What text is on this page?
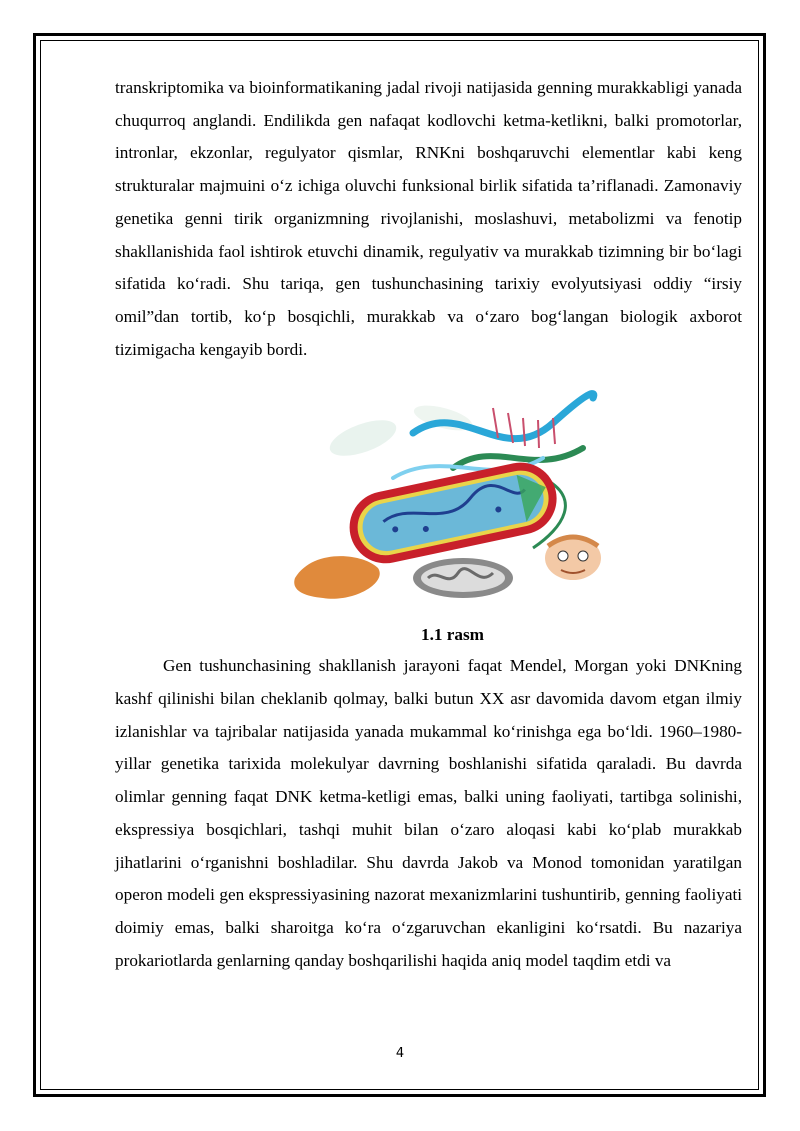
transkriptomika va bioinformatikaning jadal rivoji natijasida genning murakkabligi yanada chuqurroq anglandi. Endilikda gen nafaqat kodlovchi ketma-ketlikni, balki promotorlar, intronlar, ekzonlar, regulyator qismlar, RNKni boshqaruvchi elementlar kabi keng strukturalar majmuini o‘z ichiga oluvchi funksional birlik sifatida ta’riflanadi. Zamonaviy genetika genni tirik organizmning rivojlanishi, moslashuvi, metabolizmi va fenotip shakllanishida faol ishtirok etuvchi dinamik, regulyativ va murakkab tizimning bir bo‘lagi sifatida ko‘radi. Shu tariqa, gen tushunchasining tarixiy evolyutsiyasi oddiy “irsiy omil”dan tortib, ko‘p bosqichli, murakkab va o‘zaro bog‘langan biologik axborot tizimigacha kengayib bordi.

1.1 rasm

Gen tushunchasining shakllanish jarayoni faqat Mendel, Morgan yoki DNKning kashf qilinishi bilan cheklanib qolmay, balki butun XX asr davomida davom etgan ilmiy izlanishlar va tajribalar natijasida yanada mukammal ko‘rinishga ega bo‘ldi. 1960–1980-yillar genetika tarixida molekulyar davrning boshlanishi sifatida qaraladi. Bu davrda olimlar genning faqat DNK ketma-ketligi emas, balki uning faoliyati, tartibga solinishi, ekspressiya bosqichlari, tashqi muhit bilan o‘zaro aloqasi kabi ko‘plab murakkab jihatlarini o‘rganishni boshladilar. Shu davrda Jakob va Monod tomonidan yaratilgan operon modeli gen ekspressiyasining nazorat mexanizmlarini tushuntirib, genning faoliyati doimiy emas, balki sharoitga ko‘ra o‘zgaruvchan ekanligini ko‘rsatdi. Bu nazariya prokariotlarda genlarning qanday boshqarilishi haqida aniq model taqdim etdi va

4
